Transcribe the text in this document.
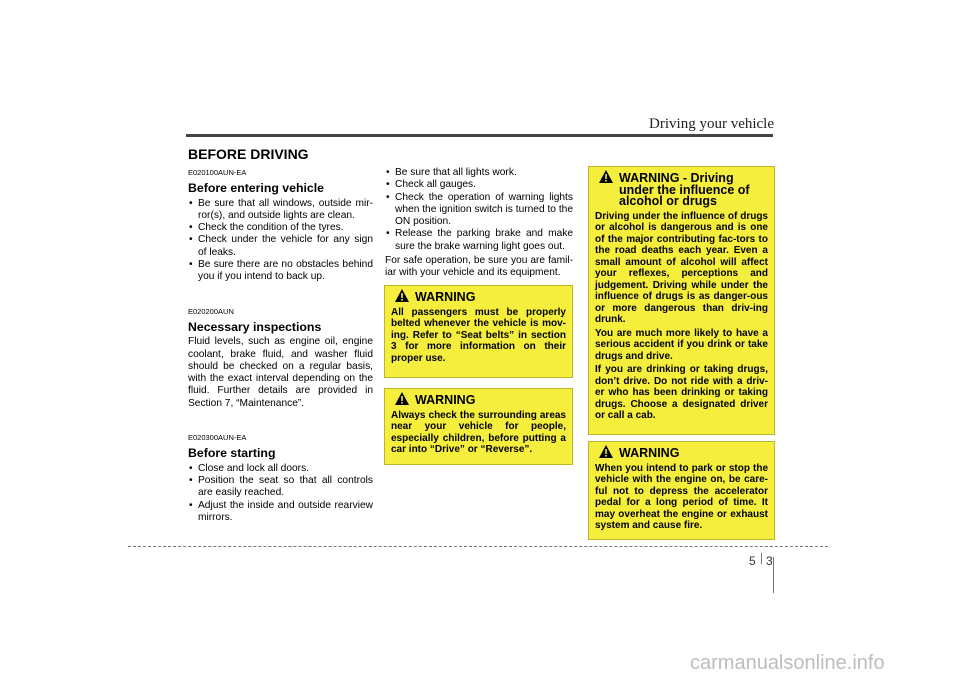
Driving your vehicle
BEFORE DRIVING
E020100AUN-EA
Before entering vehicle
• Be sure that all windows, outside mir-ror(s), and outside lights are clean.
• Check the condition of the tyres.
• Check under the vehicle for any sign of leaks.
• Be sure there are no obstacles behind you if you intend to back up.
E020200AUN
Necessary inspections
Fluid levels, such as engine oil, engine coolant, brake fluid, and washer fluid should be checked on a regular basis, with the exact interval depending on the fluid. Further details are provided in Section 7, “Maintenance”.
E020300AUN-EA
Before starting
• Close and lock all doors.
• Position the seat so that all controls are easily reached.
• Adjust the inside and outside rearview mirrors.
• Be sure that all lights work.
• Check all gauges.
• Check the operation of warning lights when the ignition switch is turned to the ON position.
• Release the parking brake and make sure the brake warning light goes out.
For safe operation, be sure you are famil-iar with your vehicle and its equipment.
WARNING
All passengers must be properly belted whenever the vehicle is mov-ing. Refer to “Seat belts” in section 3 for more information on their proper use.
WARNING
Always check the surrounding areas near your vehicle for people, especially children, before putting a car into “Drive” or “Reverse”.
WARNING - Driving under the influence of alcohol or drugs
Driving under the influence of drugs or alcohol is dangerous and is one of the major contributing fac-tors to the road deaths each year. Even a small amount of alcohol will affect your reflexes, perceptions and judgement. Driving while under the influence of drugs is as danger-ous or more dangerous than driv-ing drunk.
You are much more likely to have a serious accident if you drink or take drugs and drive.
If you are drinking or taking drugs, don’t drive. Do not ride with a driv-er who has been drinking or taking drugs. Choose a designated driver or call a cab.
WARNING
When you intend to park or stop the vehicle with the engine on, be care-ful not to depress the accelerator pedal for a long period of time. It may overheat the engine or exhaust system and cause fire.
5 3
carmanualsonline.info
